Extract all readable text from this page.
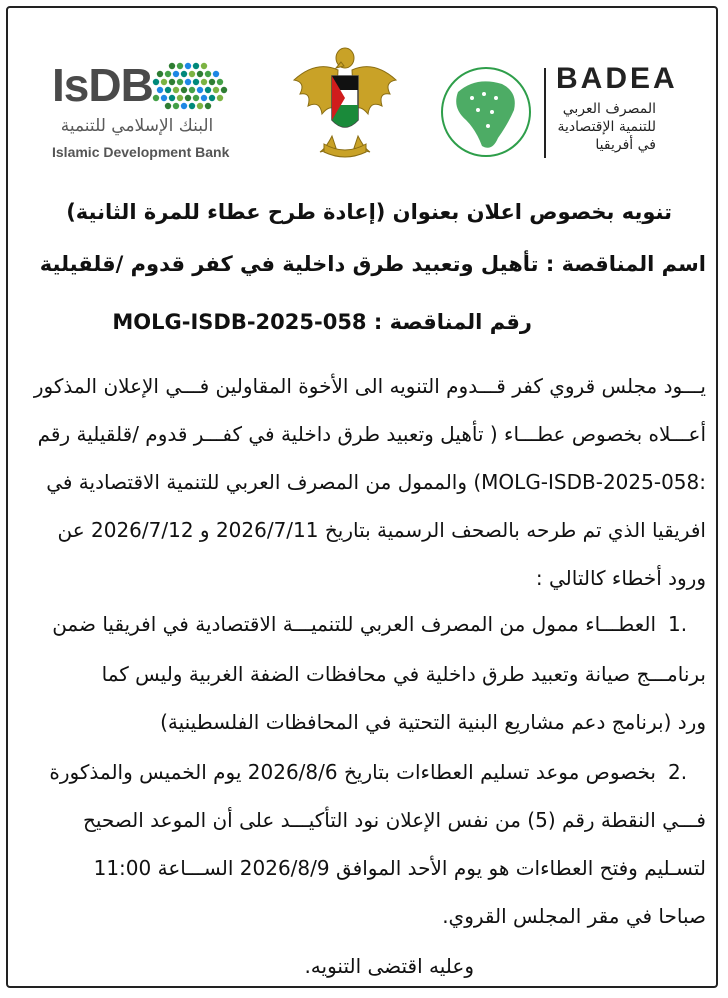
IsDB
البنك الإسلامي للتنمية
Islamic Development Bank
BADEA
المصرف العربي
للتنمية الإقتصادية
في أفريقيا
تنويه بخصوص اعلان بعنوان (إعادة طرح عطاء للمرة الثانية)
اسم المناقصة : تأهيل وتعبيد طرق داخلية في كفر قدوم /قلقيلية
رقم المناقصة : MOLG-ISDB-2025-058
يـــود مجلس قروي كفر قـــدوم التنويه الى الأخوة المقاولين فـــي الإعلان المذكور
أعـــلاه بخصوص عطـــاء ( تأهيل وتعبيد طرق داخلية في كفـــر قدوم /قلقيلية رقم
:MOLG-ISDB-2025-058) والممول من المصرف العربي للتنمية الاقتصادية في
افريقيا الذي تم طرحه بالصحف الرسمية بتاريخ 2026/7/11 و 2026/7/12 عن
ورود أخطاء كالتالي :
1.
العطـــاء ممول من المصرف العربي للتنميـــة الاقتصادية في افريقيا ضمن
برنامـــج صيانة وتعبيد طرق داخلية في محافظات الضفة الغربية وليس كما
ورد (برنامج دعم مشاريع البنية التحتية في المحافظات الفلسطينية)
2.
بخصوص موعد تسليم العطاءات بتاريخ 2026/8/6 يوم الخميس والمذكورة
فـــي النقطة رقم (5) من نفس الإعلان نود التأكيـــد على أن الموعد الصحيح
لتسـليم وفتح العطاءات هو يوم الأحد الموافق 2026/8/9 الســـاعة 11:00
صباحا في مقر المجلس القروي.
وعليه اقتضى التنويه.
